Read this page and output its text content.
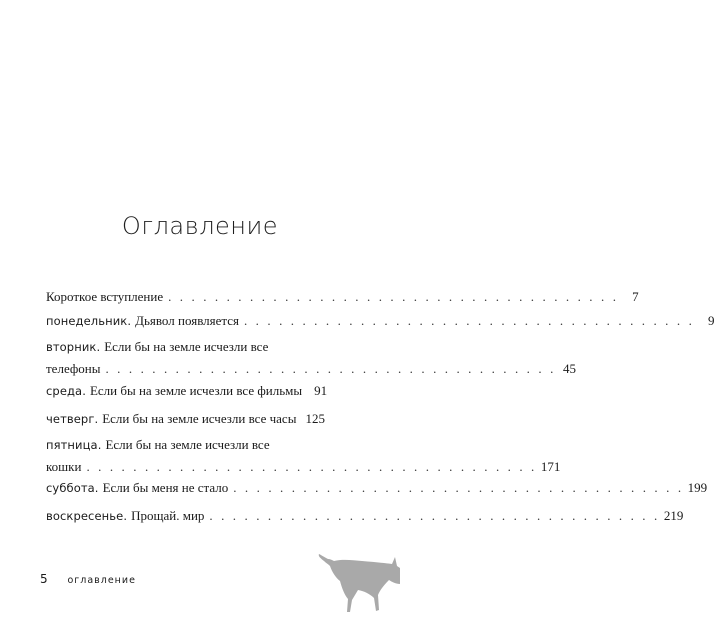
Оглавление
Короткое вступление . . . . . . . . . . . . . . . . . . . . . . . . . . . . . . . . . . . . . . .	7
понедельник. Дьявол появляется . . . . . . . . . . . . . . . . . . . . . . . . . . . . . . . . . . . . . . .	9
вторник. Если бы на земле исчезли все
телефоны . . . . . . . . . . . . . . . . . . . . . . . . . . . . . . . . . . . . . . . 45
среда. Если бы на земле исчезли все фильмы 91
четверг. Если бы на земле исчезли все часы 125
пятница. Если бы на земле исчезли все
кошки . . . . . . . . . . . . . . . . . . . . . . . . . . . . . . . . . . . . . . . 171
суббота. Если бы меня не стало . . . . . . . . . . . . . . . . . . . . . . . . . . . . . . . . . . . . . . . 199
воскресенье. Прощай. мир . . . . . . . . . . . . . . . . . . . . . . . . . . . . . . . . . . . . . . . 219
5 оглавление
